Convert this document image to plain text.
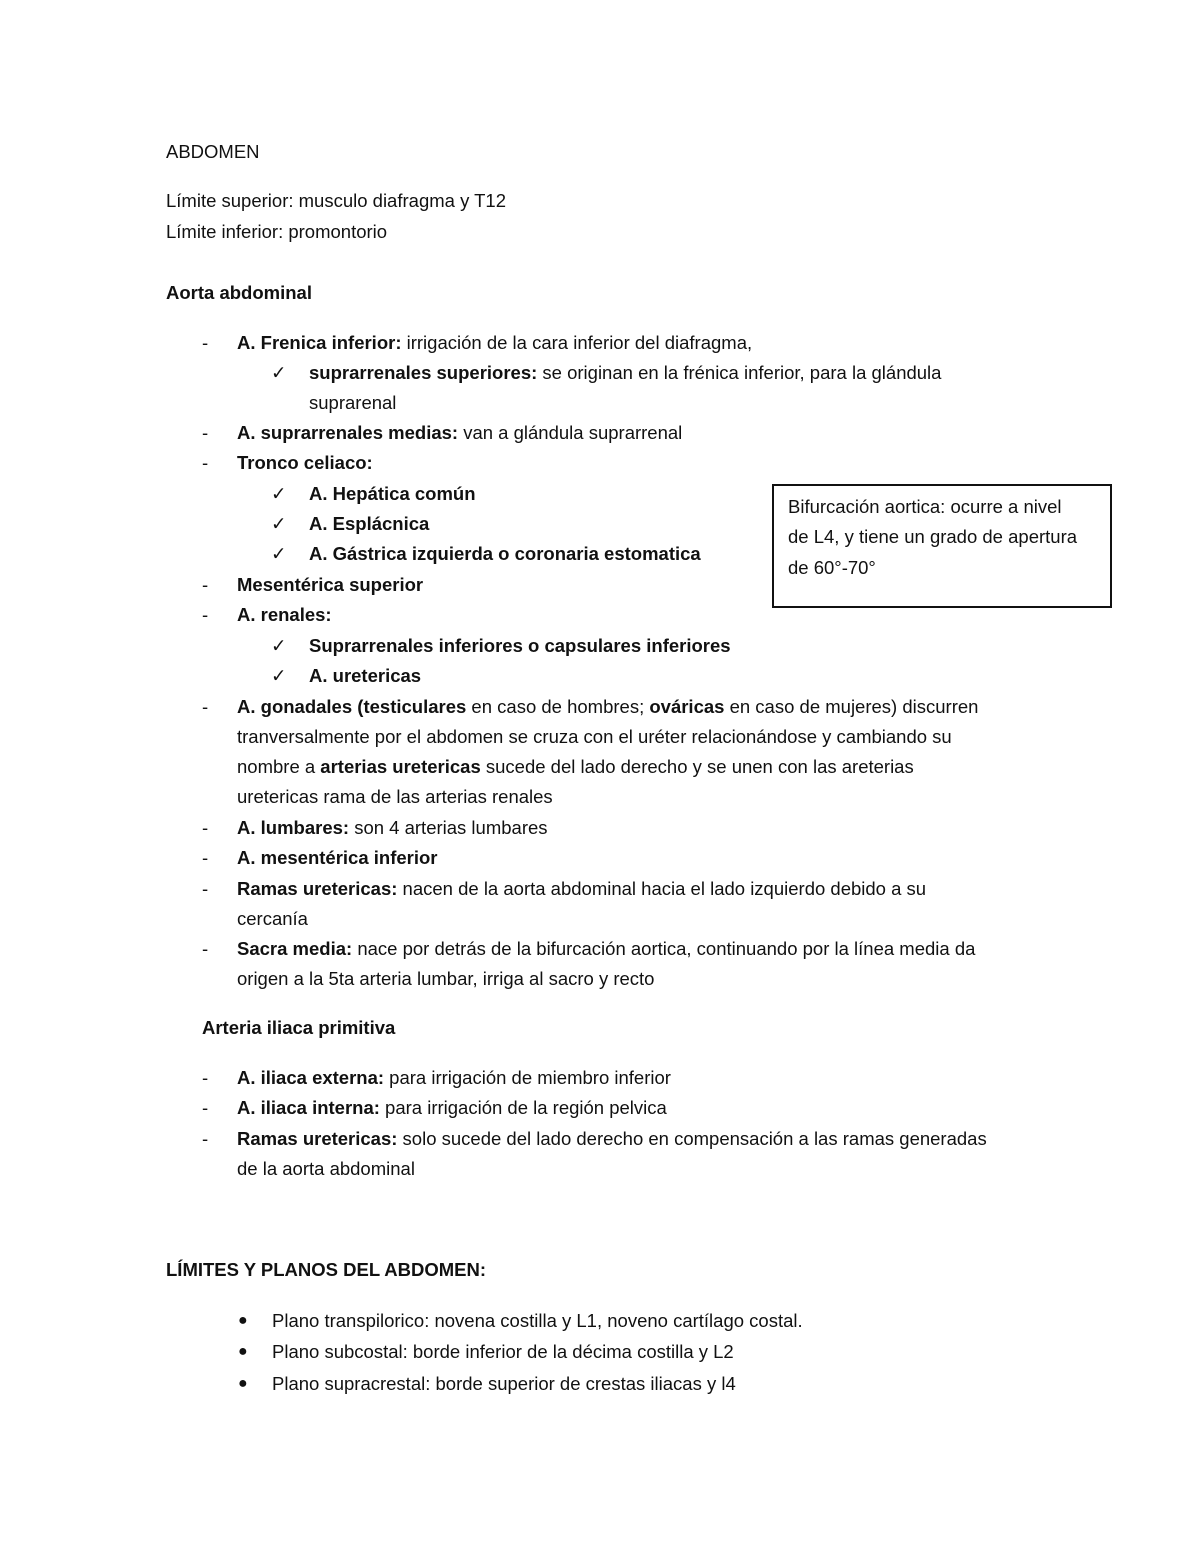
ABDOMEN
Límite superior: musculo diafragma y T12
Límite inferior: promontorio
Aorta abdominal
- A. Frenica inferior: irrigación de la cara inferior del diafragma,
✓ suprarrenales superiores: se originan en la frénica inferior, para la glándula
suprarenal
- A. suprarrenales medias: van a glándula suprarrenal
- Tronco celiaco:
✓ A. Hepática común
✓ A. Esplácnica
✓ A. Gástrica izquierda o coronaria estomatica
- Mesentérica superior
- A. renales:
✓ Suprarrenales inferiores o capsulares inferiores
✓ A. uretericas
- A. gonadales (testiculares en caso de hombres; ováricas en caso de mujeres) discurren
tranversalmente por el abdomen se cruza con el uréter relacionándose y cambiando su
nombre a arterias uretericas sucede del lado derecho y se unen con las areterias
uretericas rama de las arterias renales
- A. lumbares: son 4 arterias lumbares
- A. mesentérica inferior
- Ramas uretericas: nacen de la aorta abdominal hacia el lado izquierdo debido a su
cercanía
- Sacra media: nace por detrás de la bifurcación aortica, continuando por la línea media da
origen a la 5ta arteria lumbar, irriga al sacro y recto
Bifurcación aortica: ocurre a nivel
de L4, y tiene un grado de apertura
de 60°-70°
Arteria iliaca primitiva
- A. iliaca externa: para irrigación de miembro inferior
- A. iliaca interna: para irrigación de la región pelvica
- Ramas uretericas: solo sucede del lado derecho en compensación a las ramas generadas
de la aorta abdominal
LÍMITES Y PLANOS DEL ABDOMEN:
● Plano transpilorico: novena costilla y L1, noveno cartílago costal.
● Plano subcostal: borde inferior de la décima costilla y L2
● Plano supracrestal: borde superior de crestas iliacas y l4
